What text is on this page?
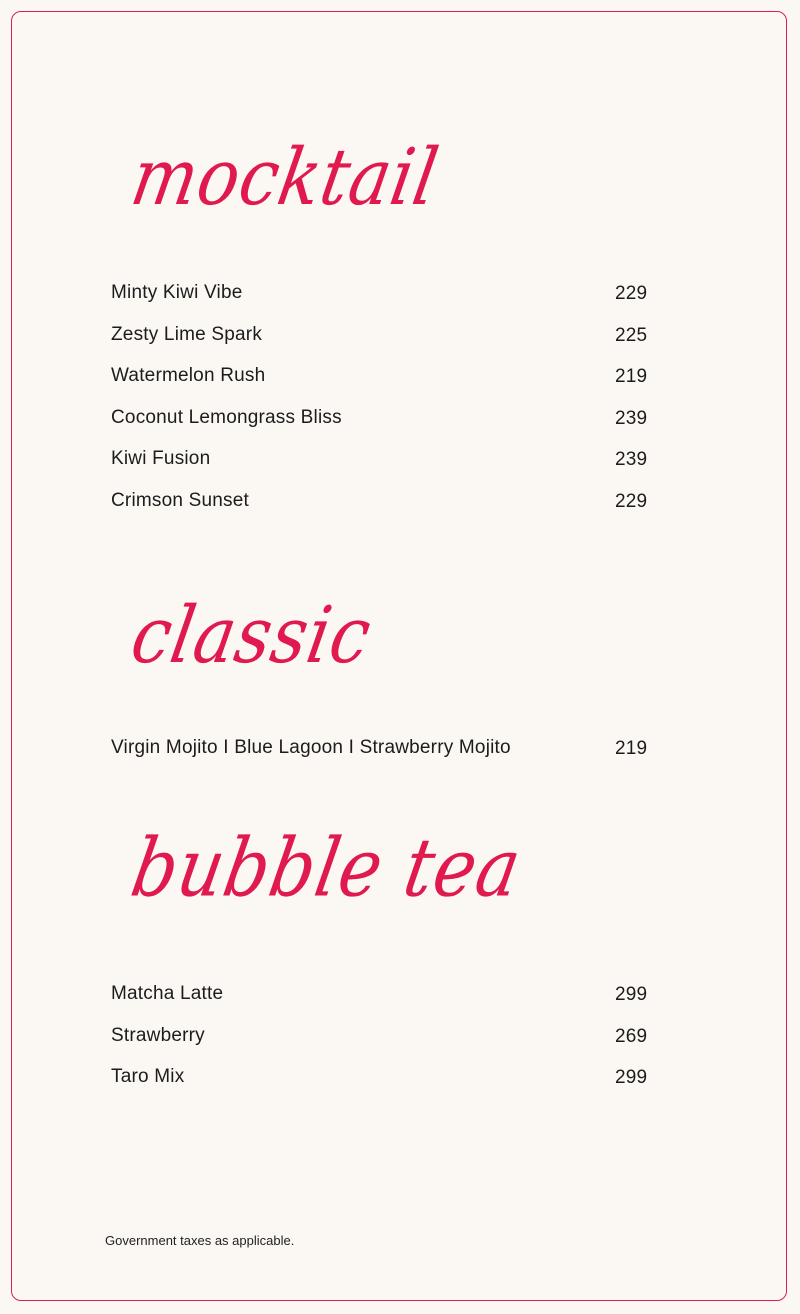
mocktail
Minty Kiwi Vibe	229
Zesty Lime Spark	225
Watermelon Rush	219
Coconut Lemongrass Bliss	239
Kiwi Fusion	239
Crimson Sunset	229
classic
Virgin Mojito I Blue Lagoon I Strawberry Mojito	219
bubble tea
Matcha Latte	299
Strawberry	269
Taro Mix	299
Government taxes as applicable.
